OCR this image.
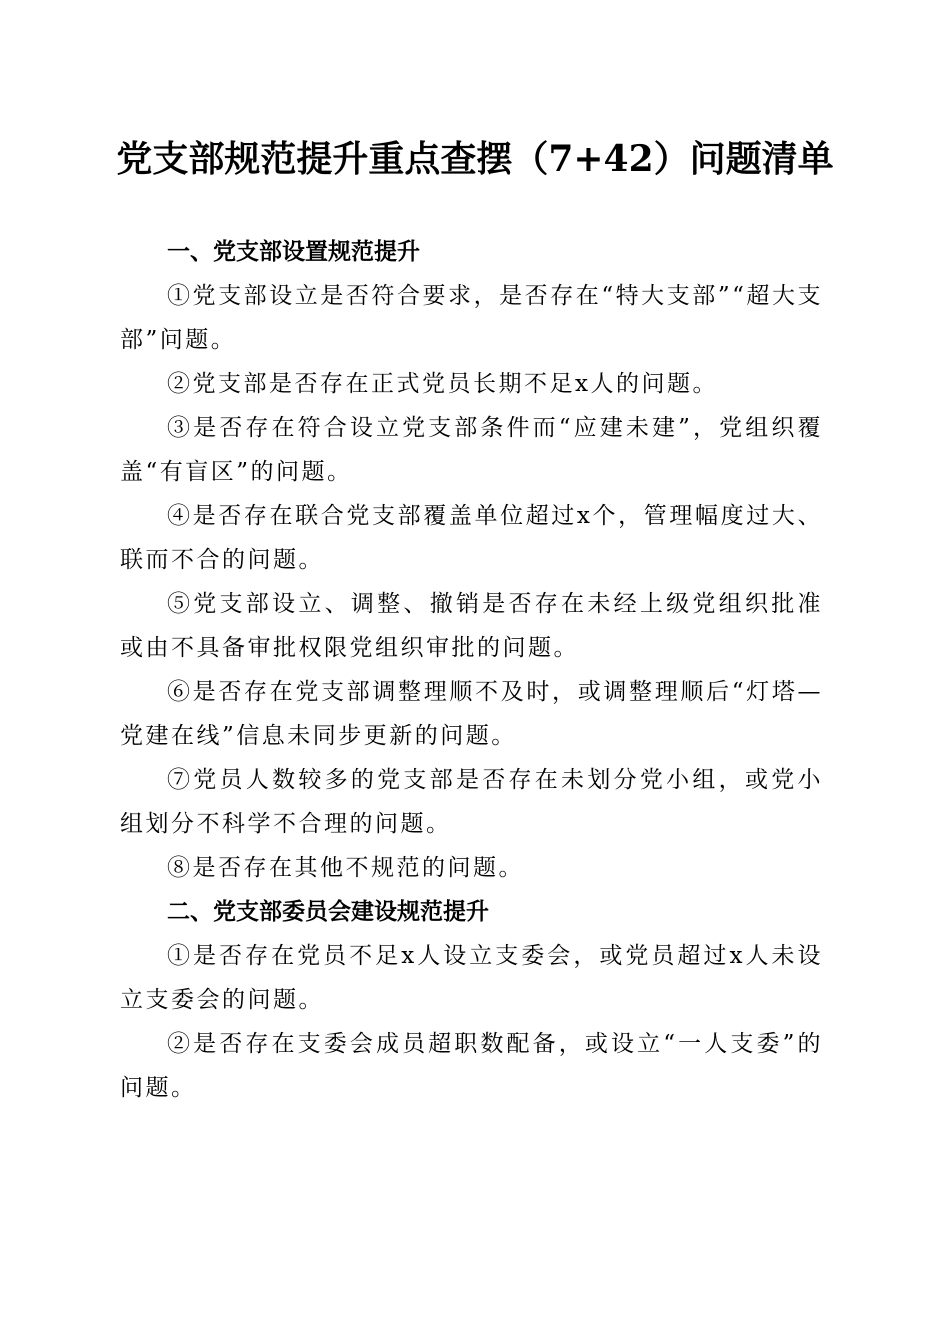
党支部规范提升重点查摆（7+42）问题清单

一、党支部设置规范提升

①党支部设立是否符合要求，是否存在“特大支部”“超大支部”问题。

②党支部是否存在正式党员长期不足x人的问题。

③是否存在符合设立党支部条件而“应建未建”，党组织覆盖“有盲区”的问题。

④是否存在联合党支部覆盖单位超过x个，管理幅度过大、联而不合的问题。

⑤党支部设立、调整、撤销是否存在未经上级党组织批准或由不具备审批权限党组织审批的问题。

⑥是否存在党支部调整理顺不及时，或调整理顺后“灯塔—党建在线”信息未同步更新的问题。

⑦党员人数较多的党支部是否存在未划分党小组，或党小组划分不科学不合理的问题。

⑧是否存在其他不规范的问题。

二、党支部委员会建设规范提升

①是否存在党员不足x人设立支委会，或党员超过x人未设立支委会的问题。

②是否存在支委会成员超职数配备，或设立“一人支委”的问题。
